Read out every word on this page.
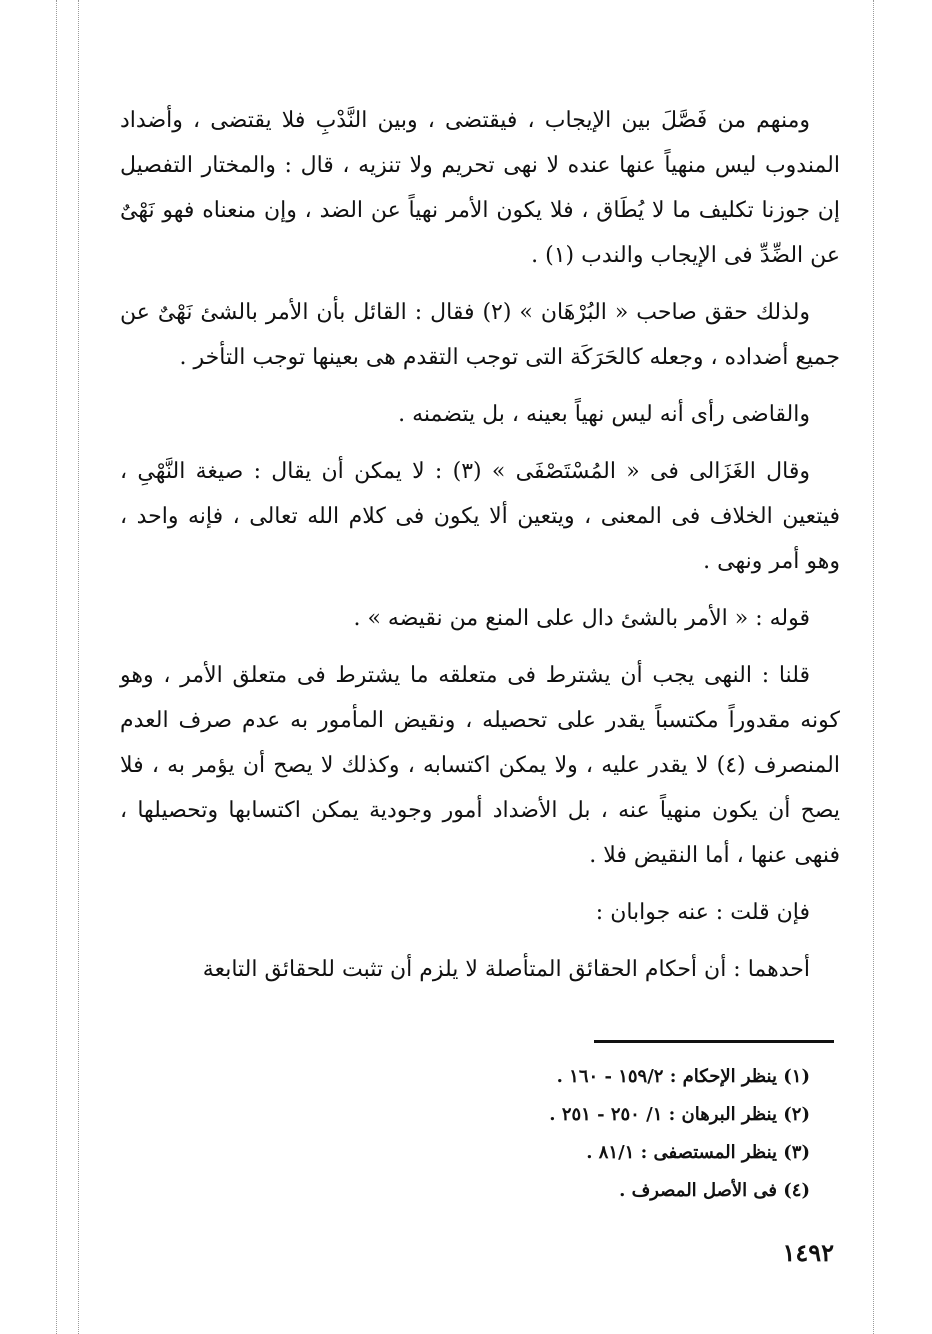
ومنهم من فَصَّلَ بين الإيجاب ، فيقتضى ، وبين النَّدْبِ فلا يقتضى ، وأضداد المندوب ليس منهياً عنها عنده لا نهى تحريم ولا تنزيه ، قال : والمختار التفصيل إن جوزنا تكليف ما لا يُطَاق ، فلا يكون الأمر نهياً عن الضد ، وإن منعناه فهو نَهْىٌ عن الضِّدِّ فى الإيجاب والندب (١) .

ولذلك حقق صاحب « البُرْهَان » (٢) فقال : القائل بأن الأمر بالشئ نَهْىٌ عن جميع أضداده ، وجعله كالحَرَكَة التى توجب التقدم هى بعينها توجب التأخر .

والقاضى رأى أنه ليس نهياً بعينه ، بل يتضمنه .

وقال الغَزَالى فى « المُسْتَصْفَى » (٣) : لا يمكن أن يقال : صيغة النَّهْىِ ، فيتعين الخلاف فى المعنى ، ويتعين ألا يكون فى كلام الله تعالى ، فإنه واحد ، وهو أمر ونهى .

قوله : « الأمر بالشئ دال على المنع من نقيضه » .

قلنا : النهى يجب أن يشترط فى متعلقه ما يشترط فى متعلق الأمر ، وهو كونه مقدوراً مكتسباً يقدر على تحصيله ، ونقيض المأمور به عدم صرف العدم المنصرف (٤) لا يقدر عليه ، ولا يمكن اكتسابه ، وكذلك لا يصح أن يؤمر به ، فلا يصح أن يكون منهياً عنه ، بل الأضداد أمور وجودية يمكن اكتسابها وتحصيلها ، فنهى عنها ، أما النقيض فلا .

فإن قلت : عنه جوابان :

أحدهما : أن أحكام الحقائق المتأصلة لا يلزم أن تثبت للحقائق التابعة

(١) ينظر الإحكام : ١٥٩/٢ - ١٦٠ .

(٢) ينظر البرهان : ١/ ٢٥٠ - ٢٥١ .

(٣) ينظر المستصفى : ٨١/١ .

(٤) فى الأصل المصرف .

١٤٩٢
